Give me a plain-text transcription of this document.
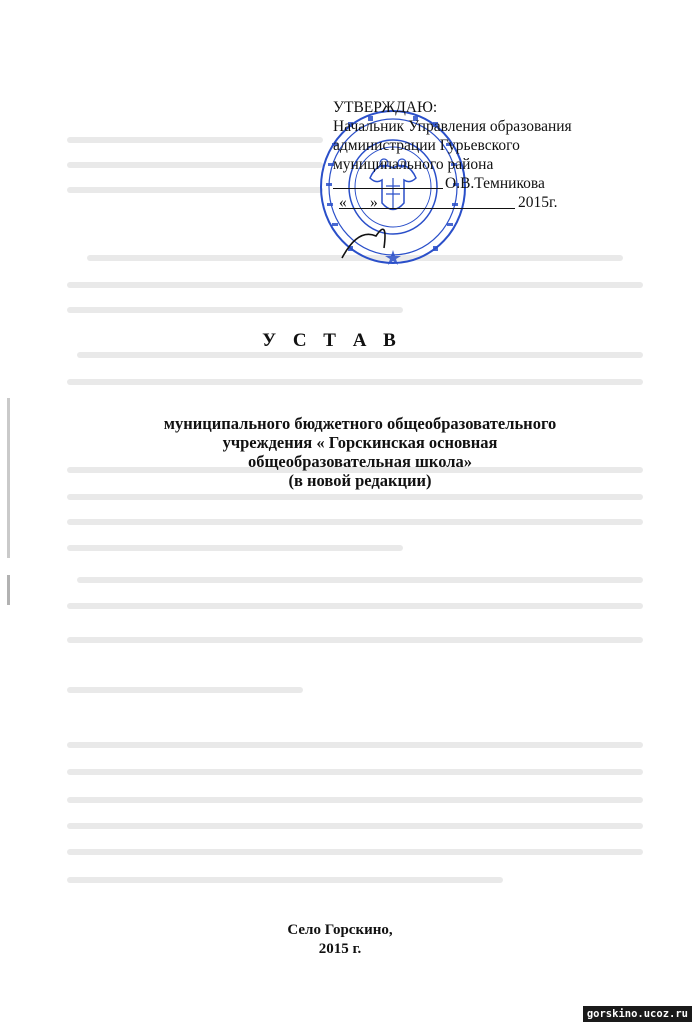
УТВЕРЖДАЮ:
Начальник Управления образования
администрации Гурьевского
муниципального района
О.В.Темникова
«___»	2015г.
У С Т А В
муниципального бюджетного общеобразовательного
учреждения « Горскинская основная
общеобразовательная школа»
(в новой редакции)
Село Горскино,
2015 г.
gorskino.ucoz.ru
